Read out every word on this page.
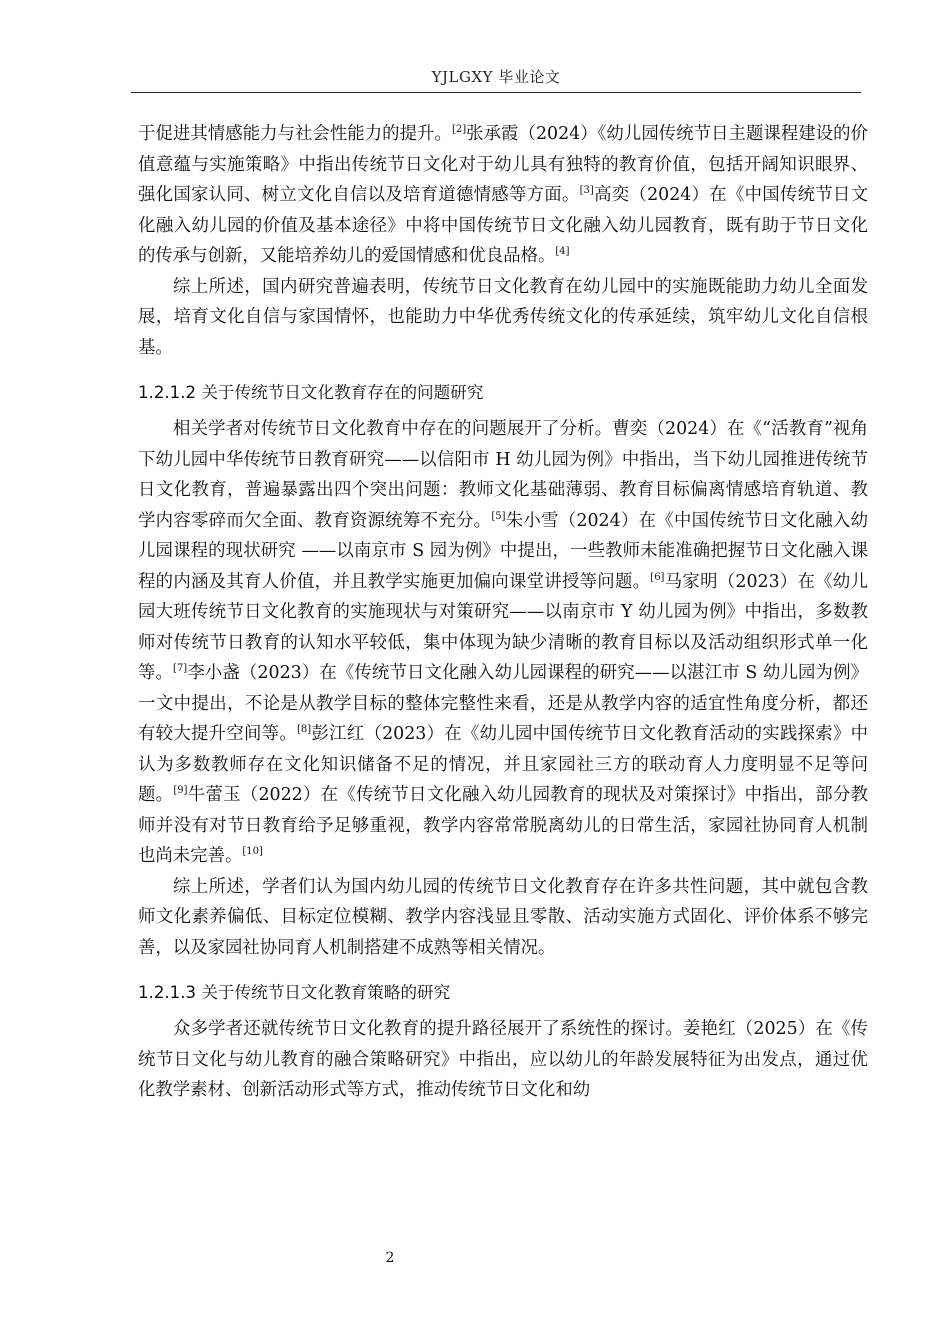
YJLGXY 毕业论文

于促进其情感能力与社会性能力的提升。[2]张承霞（2024）《幼儿园传统节日主题课程建设的价值意蕴与实施策略》中指出传统节日文化对于幼儿具有独特的教育价值，包括开阔知识眼界、强化国家认同、树立文化自信以及培育道德情感等方面。[3]高奕（2024）在《中国传统节日文化融入幼儿园的价值及基本途径》中将中国传统节日文化融入幼儿园教育，既有助于节日文化的传承与创新，又能培养幼儿的爱国情感和优良品格。[4]

综上所述，国内研究普遍表明，传统节日文化教育在幼儿园中的实施既能助力幼儿全面发展，培育文化自信与家国情怀，也能助力中华优秀传统文化的传承延续，筑牢幼儿文化自信根基。

1.2.1.2 关于传统节日文化教育存在的问题研究

相关学者对传统节日文化教育中存在的问题展开了分析。曹奕（2024）在《“活教育”视角下幼儿园中华传统节日教育研究——以信阳市 H 幼儿园为例》中指出，当下幼儿园推进传统节日文化教育，普遍暴露出四个突出问题：教师文化基础薄弱、教育目标偏离情感培育轨道、教学内容零碎而欠全面、教育资源统筹不充分。[5]朱小雪（2024）在《中国传统节日文化融入幼儿园课程的现状研究 ——以南京市 S 园为例》中提出，一些教师未能准确把握节日文化融入课程的内涵及其育人价值，并且教学实施更加偏向课堂讲授等问题。[6]马家明（2023）在《幼儿园大班传统节日文化教育的实施现状与对策研究——以南京市 Y 幼儿园为例》中指出，多数教师对传统节日教育的认知水平较低，集中体现为缺少清晰的教育目标以及活动组织形式单一化等。[7]李小盏（2023）在《传统节日文化融入幼儿园课程的研究——以湛江市 S 幼儿园为例》一文中提出，不论是从教学目标的整体完整性来看，还是从教学内容的适宜性角度分析，都还有较大提升空间等。[8]彭江红（2023）在《幼儿园中国传统节日文化教育活动的实践探索》中认为多数教师存在文化知识储备不足的情况，并且家园社三方的联动育人力度明显不足等问题。[9]牛蕾玉（2022）在《传统节日文化融入幼儿园教育的现状及对策探讨》中指出，部分教师并没有对节日教育给予足够重视，教学内容常常脱离幼儿的日常生活，家园社协同育人机制也尚未完善。[10]

综上所述，学者们认为国内幼儿园的传统节日文化教育存在许多共性问题，其中就包含教师文化素养偏低、目标定位模糊、教学内容浅显且零散、活动实施方式固化、评价体系不够完善，以及家园社协同育人机制搭建不成熟等相关情况。

1.2.1.3 关于传统节日文化教育策略的研究

众多学者还就传统节日文化教育的提升路径展开了系统性的探讨。姜艳红（2025）在《传统节日文化与幼儿教育的融合策略研究》中指出，应以幼儿的年龄发展特征为出发点，通过优化教学素材、创新活动形式等方式，推动传统节日文化和幼

2
